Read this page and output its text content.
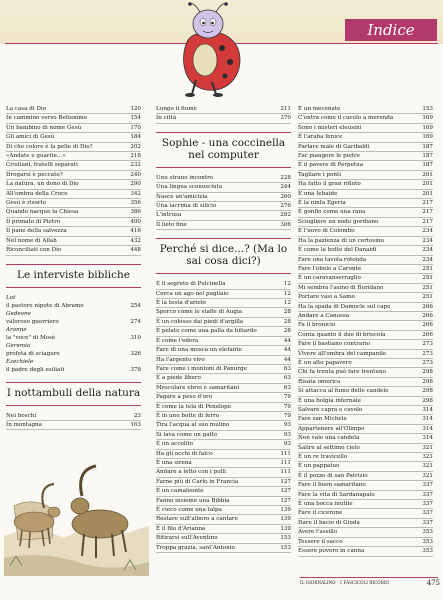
Indice
La casa di Dio	120
In cammino verso Betlemme	154
Un bambino di nome Gesù	170
Gli amici di Gesù	184
Di che colore è la pelle di Dio?	202
«Andate e guarite...»	218
Cristiani, fratelli separati	232
Drogarsi è peccato?	240
La natura, un dono di Dio	290
All'ombra della Croce	342
Gesù è risorto	356
Quando nacque la Chiesa	386
Il primato di Pietro	400
Il pane della salvezza	416
Nel nome di Allah	432
Riconciliati con Dio	448
Le interviste bibliche
Lot
il pastore nipote di Abramo	254
Gedeone
valoroso guerriero	274
Aronne
la "voce" di Mosè	310
Geremia
profeta di sciagure	326
Ezechiele
il padre degli esiliati	378
I nottambuli della natura
Nei boschi	23
In montagna	163
Lungo il fiume	211
In città	370
Sophie - una coccinella nel computer
Uno strano incontro	228
Una lingua sconosciuta	244
Nasce un'amicizia	260
Una lacrima di silicio	276
L'intrusa	292
Il lieto fine	306
Perché si dice...? (Ma lo sai cosa dici?)
È il segreto di Pulcinella	12
Cerca un ago nel pagliaio	12
È la testa d'ariete	12
Sporco come le stalle di Augia	28
È un colosso dai piedi d'argilla	28
È pelato come una palla da biliardo	28
È come l'edera	44
Fare di una mosca un elefante	44
Ha l'argento vivo	44
Fare come i montoni di Panurge	63
È a piede libero	63
Mescolare ebrei e samaritani	63
Pagare a peso d'oro	79
È come la tela di Penelope	79
È in uno botte di ferro	79
Tira l'acqua al suo mulino	93
Si lava come un gatto	93
È un accolito	93
Ha gli occhi di falco	111
È una sirena	111
Andare a letto con i polli	111
Farne più di Carlo in Francia	127
È un camaleonte	127
Fanno insieme una Bibbia	127
È cieco come una talpa	139
Restare sull'albero a cantare	139
È il filo d'Arianna	139
Ritirarsi sull'Aventino	153
Troppa grazia, sant'Antonio	153
È un mecenate	153
C'entra come il cavolo a merenda	169
Sono i misteri eleusini	169
È l'araba fenice	169
Parlare male di Garibaldi	187
Far piangere le pietre	187
È il pavere di Perpetua	187
Tagliare i ponti	201
Ha fatto il gran rifiuto	201
È una Iebaide	201
È la ninfa Egeria	217
È gonfio come una rana	217
Sciogliere un nodo gordiano	217
È l'uovo di Colombo	234
Ha la pazienza di un certosino	234
È come la botte del Danaidi	234
Fare una tavola rotonda	234
Fare l'obolo a Caronte	251
È un caravanserraglio	251
Mi sembra l'asino di Buridano	251
Portare vasi a Samo	251
Ha la spada di Damocle sul capo	266
Andare a Canossa	266
Fa il bronicio	266
Conta quanto il due di briscola	266
Fare il bastiano contrario	273
Vivere all'ombra del campanile	273
È un alto papavero	273
Chi fa trenta può fare trentuno	298
Risata omerica	298
Si attacca al fumo delle candele	298
È una bolgia infernale	298
Salvare capra e cavolo	314
Fare san Michele	314
Appartenere all'Olimpo	314
Non vale una candela	314
Salire al settimo cielo	321
È un re travicello	321
È un pappatuo	321
È il pozzo di san Patrizio	321
Fare il buon samaritano	337
Fare la vita di Sardanapalo	337
È una bocca inutile	337
Fare il cicerone	337
Dare il bacio di Giuda	337
Avere l'assillo	353
Tessere il sacco	353
Essere povero in canna	353
IL GIORNALINO · 1 FASCICOLI RICORDI	475
